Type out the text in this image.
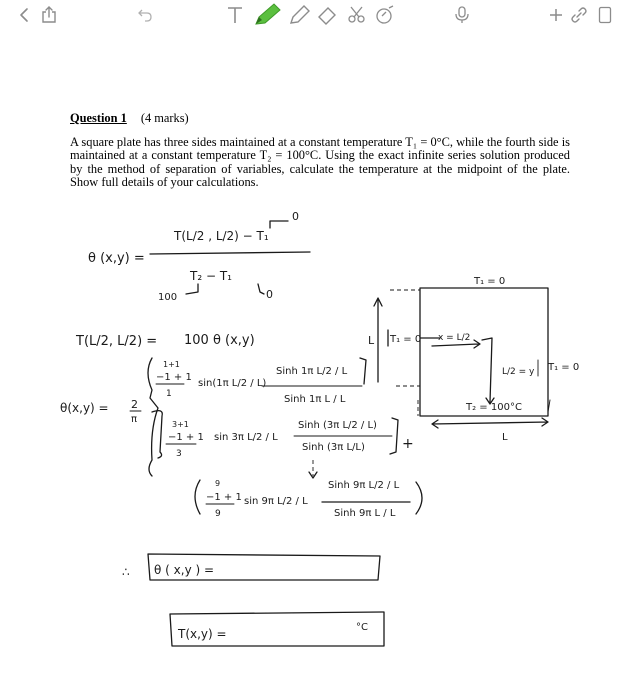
Question 1 (4 marks)
A square plate has three sides maintained at a constant temperature T₁ = 0°C, while the fourth side is maintained at a constant temperature T₂ = 100°C. Using the exact infinite series solution produced by the method of separation of variables, calculate the temperature at the midpoint of the plate. Show full details of your calculations.
θ (x,y) =
T(L/2 , L/2) − T₁
0
T₂ − T₁
100	0
T(L/2, L/2) = 100 θ (x,y)
θ(x,y) = 2
π
1+1
−1 + 1
1
sin(1π L/2 / L)
Sinh 1π L/2 / L
Sinh 1π L / L
3+1
−1 + 1
3
sin 3π L/2 / L
Sinh (3π L/2 / L)
Sinh (3π L/L)	+
9
−1 + 1
9
sin 9π L/2 / L
Sinh 9π L/2 / L
Sinh 9π L / L
∴ θ ( x,y ) =
T(x,y) =	°C
T₁ = 0
L T₁ = 0 x = L/2
L/2 = y T₁ = 0
T₂ = 100°C
L
